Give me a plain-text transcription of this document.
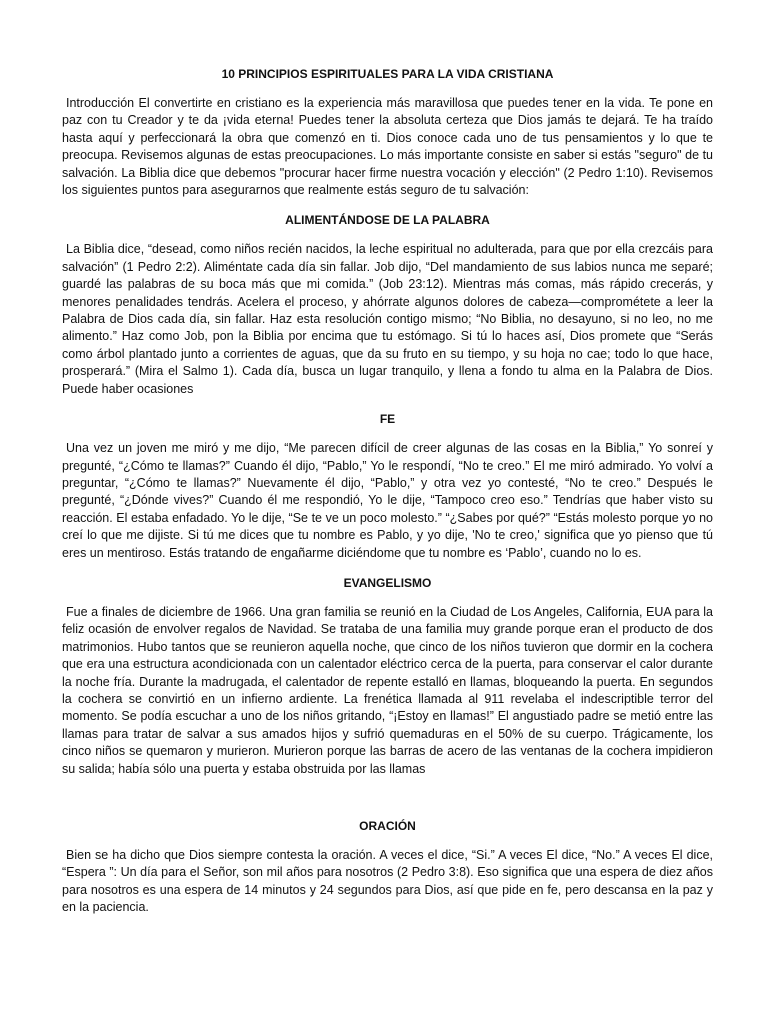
10 PRINCIPIOS ESPIRITUALES PARA LA VIDA CRISTIANA

Introducción El convertirte en cristiano es la experiencia más maravillosa que puedes tener en la vida. Te pone en paz con tu Creador y te da ¡vida eterna! Puedes tener la absoluta certeza que Dios jamás te dejará. Te ha traído hasta aquí y perfeccionará la obra que comenzó en ti. Dios conoce cada uno de tus pensamientos y lo que te preocupa. Revisemos algunas de estas preocupaciones. Lo más importante consiste en saber si estás "seguro" de tu salvación. La Biblia dice que debemos "procurar hacer firme nuestra vocación y elección" (2 Pedro 1:10). Revisemos los siguientes puntos para asegurarnos que realmente estás seguro de tu salvación:

ALIMENTÁNDOSE DE LA PALABRA

La Biblia dice, “desead, como niños recién nacidos, la leche espiritual no adulterada, para que por ella crezcáis para salvación” (1 Pedro 2:2). Aliméntate cada día sin fallar. Job dijo, “Del mandamiento de sus labios nunca me separé; guardé las palabras de su boca más que mi comida.” (Job 23:12). Mientras más comas, más rápido crecerás, y menores penalidades tendrás. Acelera el proceso, y ahórrate algunos dolores de cabeza—comprométete a leer la Palabra de Dios cada día, sin fallar. Haz esta resolución contigo mismo; “No Biblia, no desayuno, si no leo, no me alimento.” Haz como Job, pon la Biblia por encima que tu estómago. Si tú lo haces así, Dios promete que “Serás como árbol plantado junto a corrientes de aguas, que da su fruto en su tiempo, y su hoja no cae; todo lo que hace, prosperará.” (Mira el Salmo 1). Cada día, busca un lugar tranquilo, y llena a fondo tu alma en la Palabra de Dios. Puede haber ocasiones

FE

Una vez un joven me miró y me dijo, “Me parecen difícil de creer algunas de las cosas en la Biblia,” Yo sonreí y pregunté, “¿Cómo te llamas?” Cuando él dijo, “Pablo,” Yo le respondí, “No te creo.” El me miró admirado. Yo volví a preguntar, “¿Cómo te llamas?” Nuevamente él dijo, “Pablo,” y otra vez yo contesté, “No te creo.” Después le pregunté, “¿Dónde vives?” Cuando él me respondió, Yo le dije, “Tampoco creo eso.” Tendrías que haber visto su reacción. El estaba enfadado. Yo le dije, “Se te ve un poco molesto.” “¿Sabes por qué?” “Estás molesto porque yo no creí lo que me dijiste. Si tú me dices que tu nombre es Pablo, y yo dije, 'No te creo,' significa que yo pienso que tú eres un mentiroso. Estás tratando de engañarme diciéndome que tu nombre es ‘Pablo’, cuando no lo es.

EVANGELISMO

Fue a finales de diciembre de 1966. Una gran familia se reunió en la Ciudad de Los Angeles, California, EUA para la feliz ocasión de envolver regalos de Navidad. Se trataba de una familia muy grande porque eran el producto de dos matrimonios. Hubo tantos que se reunieron aquella noche, que cinco de los niños tuvieron que dormir en la cochera que era una estructura acondicionada con un calentador eléctrico cerca de la puerta, para conservar el calor durante la noche fría. Durante la madrugada, el calentador de repente estalló en llamas, bloqueando la puerta. En segundos la cochera se convirtió en un infierno ardiente. La frenética llamada al 911 revelaba el indescriptible terror del momento. Se podía escuchar a uno de los niños gritando, “¡Estoy en llamas!” El angustiado padre se metió entre las llamas para tratar de salvar a sus amados hijos y sufrió quemaduras en el 50% de su cuerpo. Trágicamente, los cinco niños se quemaron y murieron. Murieron porque las barras de acero de las ventanas de la cochera impidieron su salida; había sólo una puerta y estaba obstruida por las llamas

ORACIÓN

Bien se ha dicho que Dios siempre contesta la oración. A veces el dice, “Si.” A veces El dice, “No.” A veces El dice, “Espera ”: Un día para el Señor, son mil años para nosotros (2 Pedro 3:8). Eso significa que una espera de diez años para nosotros es una espera de 14 minutos y 24 segundos para Dios, así que pide en fe, pero descansa en la paz y en la paciencia.
